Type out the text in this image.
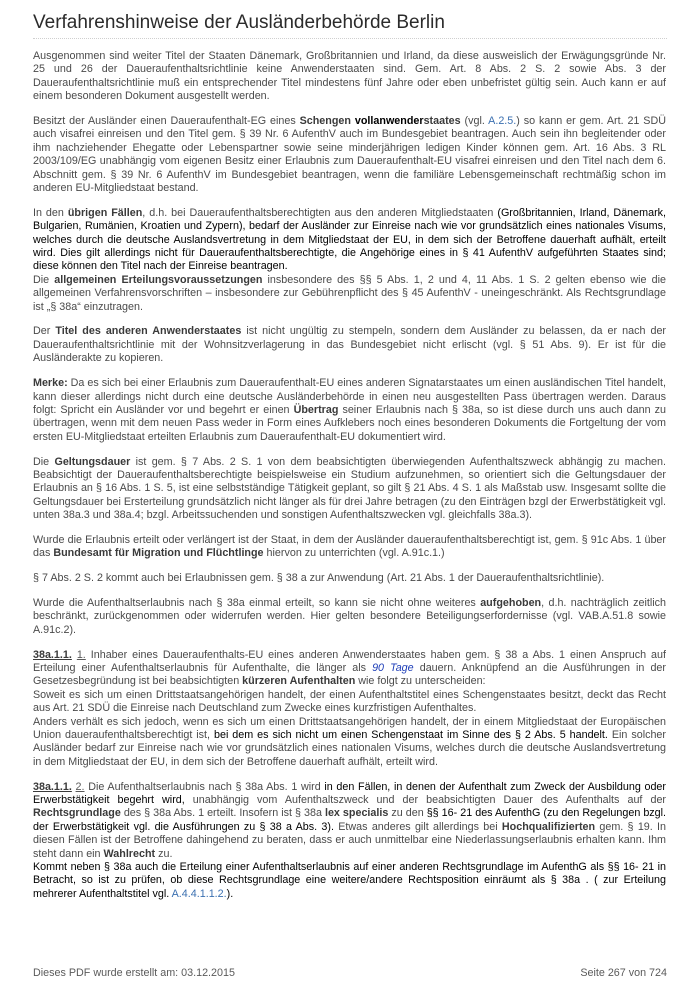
Verfahrenshinweise der Ausländerbehörde Berlin

Ausgenommen sind weiter Titel der Staaten Dänemark, Großbritannien und Irland, da diese ausweislich der Erwägungsgründe Nr. 25 und 26 der Daueraufenthaltsrichtlinie keine Anwenderstaaten sind. Gem. Art. 8 Abs. 2 S. 2 sowie Abs. 3 der Daueraufenthaltsrichtlinie muß ein entsprechender Titel mindestens fünf Jahre oder eben unbefristet gültig sein. Auch kann er auf einem besonderen Dokument ausgestellt werden.

Besitzt der Ausländer einen Daueraufenthalt-EG eines Schengen vollanwenderstaates (vgl. A.2.5.) so kann er gem. Art. 21 SDÜ auch visafrei einreisen und den Titel gem. § 39 Nr. 6 AufenthV auch im Bundesgebiet beantragen. Auch sein ihn begleitender oder ihm nachziehender Ehegatte oder Lebenspartner sowie seine minderjährigen ledigen Kinder können gem. Art. 16 Abs. 3 RL 2003/109/EG unabhängig vom eigenen Besitz einer Erlaubnis zum Daueraufenthalt-EU visafrei einreisen und den Titel nach dem 6. Abschnitt gem. § 39 Nr. 6 AufenthV im Bundesgebiet beantragen, wenn die familiäre Lebensgemeinschaft rechtmäßig schon im anderen EU-Mitgliedstaat bestand.

In den übrigen Fällen, d.h. bei Daueraufenthaltsberechtigten aus den anderen Mitgliedstaaten (Großbritannien, Irland, Dänemark, Bulgarien, Rumänien, Kroatien und Zypern), bedarf der Ausländer zur Einreise nach wie vor grundsätzlich eines nationales Visums, welches durch die deutsche Auslandsvertretung in dem Mitgliedstaat der EU, in dem sich der Betroffene dauerhaft aufhält, erteilt wird. Dies gilt allerdings nicht für Daueraufenthaltsberechtigte, die Angehörige eines in § 41 AufenthV aufgeführten Staates sind; diese können den Titel nach der Einreise beantragen.

Die allgemeinen Erteilungsvoraussetzungen insbesondere des §§ 5 Abs. 1, 2 und 4, 11 Abs. 1 S. 2 gelten ebenso wie die allgemeinen Verfahrensvorschriften – insbesondere zur Gebührenpflicht des § 45 AufenthV - uneingeschränkt. Als Rechtsgrundlage ist „§ 38a“ einzutragen.

Der Titel des anderen Anwenderstaates ist nicht ungültig zu stempeln, sondern dem Ausländer zu belassen, da er nach der Daueraufenthaltsrichtlinie mit der Wohnsitzverlagerung in das Bundesgebiet nicht erlischt (vgl. § 51 Abs. 9). Er ist für die Ausländerakte zu kopieren.

Merke: Da es sich bei einer Erlaubnis zum Daueraufenthalt-EU eines anderen Signatarstaates um einen ausländischen Titel handelt, kann dieser allerdings nicht durch eine deutsche Ausländerbehörde in einen neu ausgestellten Pass übertragen werden. Daraus folgt: Spricht ein Ausländer vor und begehrt er einen Übertrag seiner Erlaubnis nach § 38a, so ist diese durch uns auch dann zu übertragen, wenn mit dem neuen Pass weder in Form eines Aufklebers noch eines besonderen Dokuments die Fortgeltung der vom ersten EU-Mitgliedstaat erteilten Erlaubnis zum Daueraufenthalt-EU dokumentiert wird.

Die Geltungsdauer ist gem. § 7 Abs. 2 S. 1 von dem beabsichtigten überwiegenden Aufenthaltszweck abhängig zu machen. Beabsichtigt der Daueraufenthaltsberechtigte beispielsweise ein Studium aufzunehmen, so orientiert sich die Geltungsdauer der Erlaubnis an § 16 Abs. 1 S. 5, ist eine selbstständige Tätigkeit geplant, so gilt § 21 Abs. 4 S. 1 als Maßstab usw. Insgesamt sollte die Geltungsdauer bei Ersterteilung grundsätzlich nicht länger als für drei Jahre betragen (zu den Einträgen bzgl der Erwerbstätigkeit vgl. unten 38a.3 und 38a.4; bzgl. Arbeitssuchenden und sonstigen Aufenthaltszwecken vgl. gleichfalls 38a.3).

Wurde die Erlaubnis erteilt oder verlängert ist der Staat, in dem der Ausländer daueraufenthaltsberechtigt ist, gem. § 91c Abs. 1 über das Bundesamt für Migration und Flüchtlinge hiervon zu unterrichten (vgl. A.91c.1.)

§ 7 Abs. 2 S. 2 kommt auch bei Erlaubnissen gem. § 38 a zur Anwendung (Art. 21 Abs. 1 der Daueraufenthaltsrichtlinie).

Wurde die Aufenthaltserlaubnis nach § 38a einmal erteilt, so kann sie nicht ohne weiteres aufgehoben, d.h. nachträglich zeitlich beschränkt, zurückgenommen oder widerrufen werden. Hier gelten besondere Beteiligungserfordernisse (vgl. VAB.A.51.8 sowie A.91c.2).

38a.1.1. 1. Inhaber eines Daueraufenthalts-EU eines anderen Anwenderstaates haben gem. § 38 a Abs. 1 einen Anspruch auf Erteilung einer Aufenthaltserlaubnis für Aufenthalte, die länger als 90 Tage dauern. Anknüpfend an die Ausführungen in der Gesetzesbegründung ist bei beabsichtigten kürzeren Aufenthalten wie folgt zu unterscheiden:
Soweit es sich um einen Drittstaatsangehörigen handelt, der einen Aufenthaltstitel eines Schengenstaates besitzt, deckt das Recht aus Art. 21 SDÜ die Einreise nach Deutschland zum Zwecke eines kurzfristigen Aufenthaltes.
Anders verhält es sich jedoch, wenn es sich um einen Drittstaatsangehörigen handelt, der in einem Mitgliedstaat der Europäischen Union daueraufenthaltsberechtigt ist, bei dem es sich nicht um einen Schengenstaat im Sinne des § 2 Abs. 5 handelt. Ein solcher Ausländer bedarf zur Einreise nach wie vor grundsätzlich eines nationalen Visums, welches durch die deutsche Auslandsvertretung in dem Mitgliedstaat der EU, in dem sich der Betroffene dauerhaft aufhält, erteilt wird.

38a.1.1. 2. Die Aufenthaltserlaubnis nach § 38a Abs. 1 wird in den Fällen, in denen der Aufenthalt zum Zweck der Ausbildung oder Erwerbstätigkeit begehrt wird, unabhängig vom Aufenthaltszweck und der beabsichtigten Dauer des Aufenthalts auf der Rechtsgrundlage des § 38a Abs. 1 erteilt. Insofern ist § 38a lex specialis zu den §§ 16- 21 des AufenthG (zu den Regelungen bzgl. der Erwerbstätigkeit vgl. die Ausführungen zu § 38 a Abs. 3). Etwas anderes gilt allerdings bei Hochqualifizierten gem. § 19. In diesen Fällen ist der Betroffene dahingehend zu beraten, dass er auch unmittelbar eine Niederlassungserlaubnis erhalten kann. Ihm steht dann ein Wahlrecht zu.
Kommt neben § 38a auch die Erteilung einer Aufenthaltserlaubnis auf einer anderen Rechtsgrundlage im AufenthG als §§ 16- 21 in Betracht, so ist zu prüfen, ob diese Rechtsgrundlage eine weitere/andere Rechtsposition einräumt als § 38a . ( zur Erteilung mehrerer Aufenthaltstitel vgl. A.4.4.1.1.2.).

Dieses PDF wurde erstellt am: 03.12.2015	Seite 267 von 724
